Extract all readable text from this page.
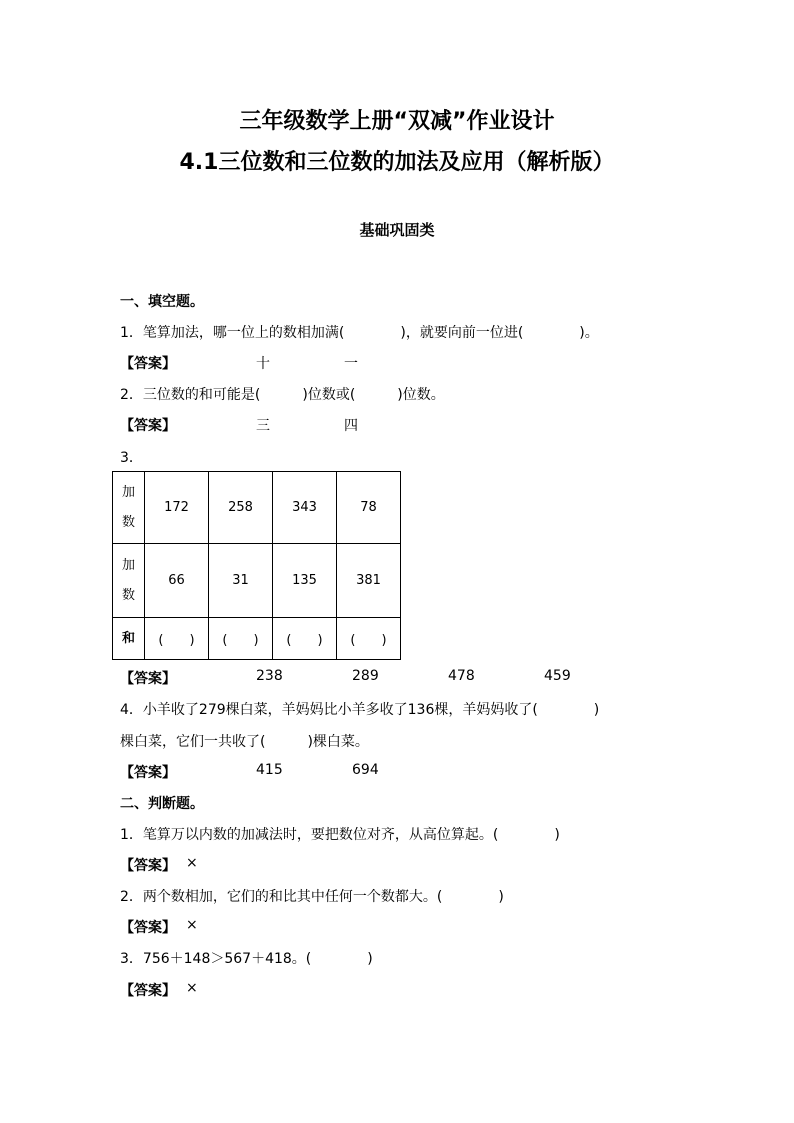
三年级数学上册“双减”作业设计
4.1三位数和三位数的加法及应用（解析版）
基础巩固类
一、填空题。
1．笔算加法，哪一位上的数相加满(　　　　)，就要向前一位进(　　　　)。
【答案】	十	一
2．三位数的和可能是(　　　)位数或(　　　)位数。
【答案】	三	四
3．
加
数	172	258	343	78

加
数	66	31	135	381
和	(　　)	(　　)	(　　)	(　　)
【答案】	238	289	478	459
4．小羊收了279棵白菜，羊妈妈比小羊多收了136棵，羊妈妈收了(　　　　)
棵白菜，它们一共收了(　　　)棵白菜。
【答案】	415	694
二、判断题。
1．笔算万以内数的加减法时，要把数位对齐，从高位算起。(　　　　)
【答案】 ×
2．两个数相加，它们的和比其中任何一个数都大。(　　　　)
【答案】 ×
3．756＋148＞567＋418。(　　　　)
【答案】 ×
